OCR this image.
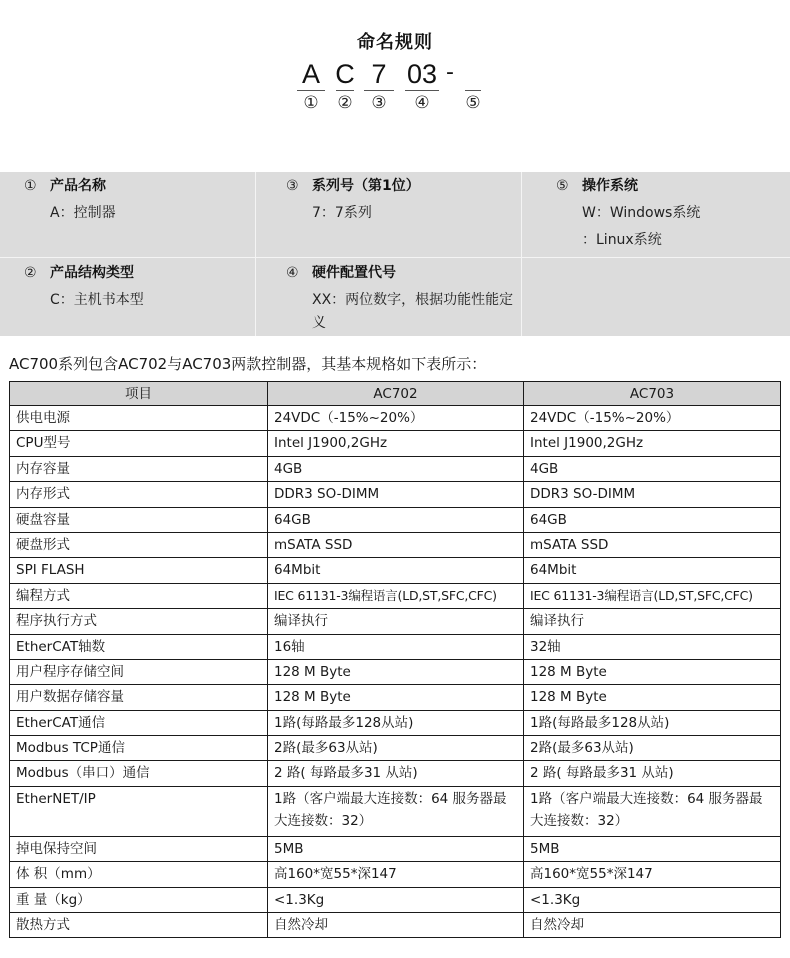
命名规则
A
①
C
②
7
③
03
④
-
⑤
① 产品名称
A：控制器
③ 系列号（第1位）
7：7系列
⑤ 操作系统
W：Windows系统
：Linux系统
② 产品结构类型
C：主机书本型
④ 硬件配置代号
XX：两位数字，根据功能性能定义
AC700系列包含AC702与AC703两款控制器，其基本规格如下表所示：
项目	AC702	AC703
供电电源	24VDC（-15%~20%）	24VDC（-15%~20%）
CPU型号	Intel J1900,2GHz	Intel J1900,2GHz
内存容量	4GB	4GB
内存形式	DDR3 SO-DIMM	DDR3 SO-DIMM
硬盘容量	64GB	64GB
硬盘形式	mSATA SSD	mSATA SSD
SPI FLASH	64Mbit	64Mbit
编程方式	IEC 61131-3编程语言(LD,ST,SFC,CFC)	IEC 61131-3编程语言(LD,ST,SFC,CFC)
程序执行方式	编译执行	编译执行
EtherCAT轴数	16轴	32轴
用户程序存储空间	128 M Byte	128 M Byte
用户数据存储容量	128 M Byte	128 M Byte
EtherCAT通信	1路(每路最多128从站)	1路(每路最多128从站)
Modbus TCP通信	2路(最多63从站)	2路(最多63从站)
Modbus（串口）通信	2 路( 每路最多31 从站)	2 路( 每路最多31 从站)
EtherNET/IP	1路（客户端最大连接数：64 服务器最大连接数：32）	1路（客户端最大连接数：64 服务器最大连接数：32）
掉电保持空间	5MB	5MB
体 积（mm）	高160*宽55*深147	高160*宽55*深147
重 量（kg）	<1.3Kg	<1.3Kg
散热方式	自然冷却	自然冷却
